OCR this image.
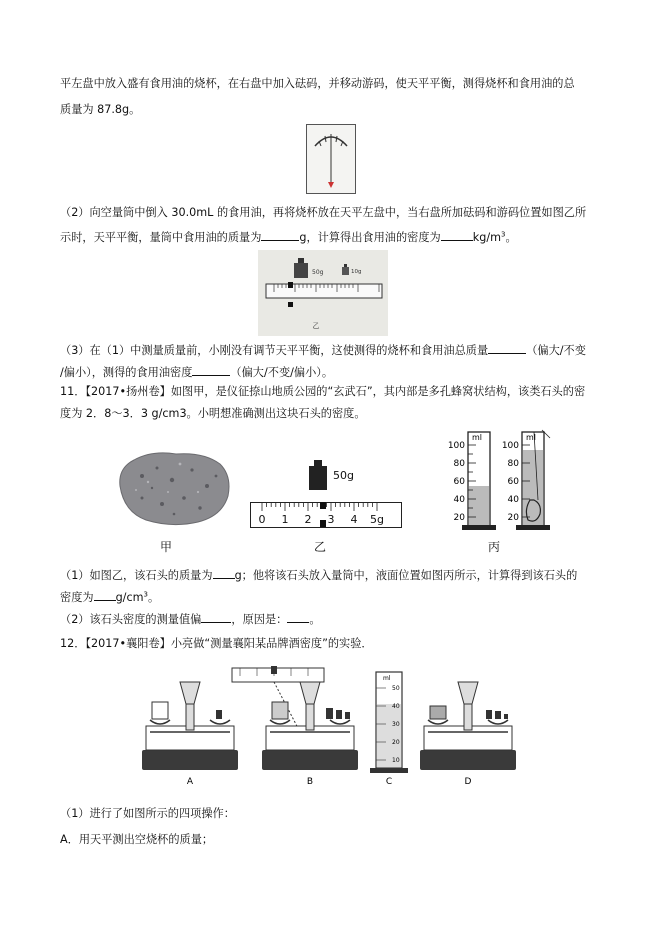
平左盘中放入盛有食用油的烧杯，在右盘中加入砝码，并移动游码，使天平平衡，测得烧杯和食用油的总
质量为 87.8g。
（2）向空量筒中倒入 30.0mL 的食用油，再将烧杯放在天平左盘中，当右盘所加砝码和游码位置如图乙所
示时，天平平衡，量筒中食用油的质量为	g，计算得出食用油的密度为	$kg/m^3$。
50g	10g
乙
（3）在（1）中测量质量前，小刚没有调节天平平衡，这使测得的烧杯和食用油总质量	（偏大/不变
/偏小），测得的食用油密度	（偏大/不变/偏小）。
11．【2017•扬州卷】如图甲，是仪征捺山地质公园的“玄武石”，其内部是多孔蜂窝状结构，该类石头的密
度为 2．8～3．3 g/cm3。小明想准确测出这块石头的密度。
50g
0 1 2 3 4 5g
ml
100
80
60
40
20
ml
100
80
60
40
20
甲	乙	丙
（1）如图乙，该石头的质量为 g；他将该石头放入量筒中，液面位置如图丙所示，计算得到该石头的
密度为 $g/cm^3$。
（2）该石头密度的测量值偏	，原因是： 。
12．【2017•襄阳卷】小亮做“测量襄阳某品牌酒密度”的实验．
A	B
ml
50
40
30
20
10
C	D
（1）进行了如图所示的四项操作：
A．用天平测出空烧杯的质量；
